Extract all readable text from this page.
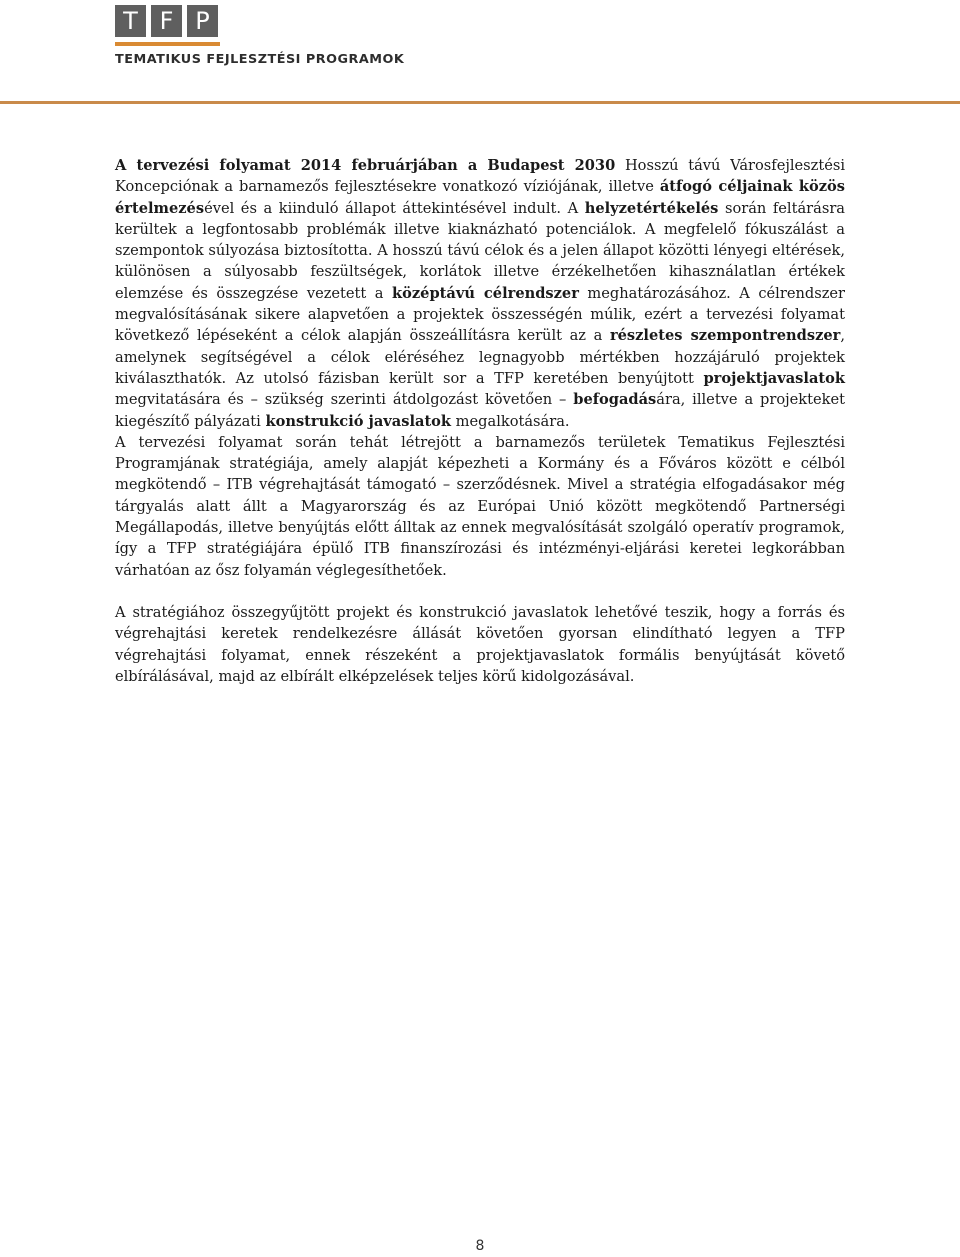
T F P
TEMATIKUS FEJLESZTÉSI PROGRAMOK

A tervezési folyamat 2014 februárjában a Budapest 2030 Hosszú távú Városfejlesztési Koncepciónak a barnamezős fejlesztésekre vonatkozó víziójának, illetve átfogó céljainak közös értelmezésével és a kiinduló állapot áttekintésével indult. A helyzetértékelés során feltárásra kerültek a legfontosabb problémák illetve kiaknázható potenciálok. A megfelelő fókuszálást a szempontok súlyozása biztosította. A hosszú távú célok és a jelen állapot közötti lényegi eltérések, különösen a súlyosabb feszültségek, korlátok illetve érzékelhetően kihasználatlan értékek elemzése és összegzése vezetett a középtávú célrendszer meghatározásához. A célrendszer megvalósításának sikere alapvetően a projektek összességén múlik, ezért a tervezési folyamat következő lépéseként a célok alapján összeállításra került az a részletes szempontrendszer, amelynek segítségével a célok eléréséhez legnagyobb mértékben hozzájáruló projektek kiválaszthatók. Az utolsó fázisban került sor a TFP keretében benyújtott projektjavaslatok megvitatására és – szükség szerinti átdolgozást követően – befogadására, illetve a projekteket kiegészítő pályázati konstrukció javaslatok megalkotására.

A tervezési folyamat során tehát létrejött a barnamezős területek Tematikus Fejlesztési Programjának stratégiája, amely alapját képezheti a Kormány és a Főváros között e célból megkötendő – ITB végrehajtását támogató – szerződésnek. Mivel a stratégia elfogadásakor még tárgyalás alatt állt a Magyarország és az Európai Unió között megkötendő Partnerségi Megállapodás, illetve benyújtás előtt álltak az ennek megvalósítását szolgáló operatív programok, így a TFP stratégiájára épülő ITB finanszírozási és intézményi-eljárási keretei legkorábban várhatóan az ősz folyamán véglegesíthetőek.

A stratégiához összegyűjtött projekt és konstrukció javaslatok lehetővé teszik, hogy a forrás és végrehajtási keretek rendelkezésre állását követően gyorsan elindítható legyen a TFP végrehajtási folyamat, ennek részeként a projektjavaslatok formális benyújtását követő elbírálásával, majd az elbírált elképzelések teljes körű kidolgozásával.

8
